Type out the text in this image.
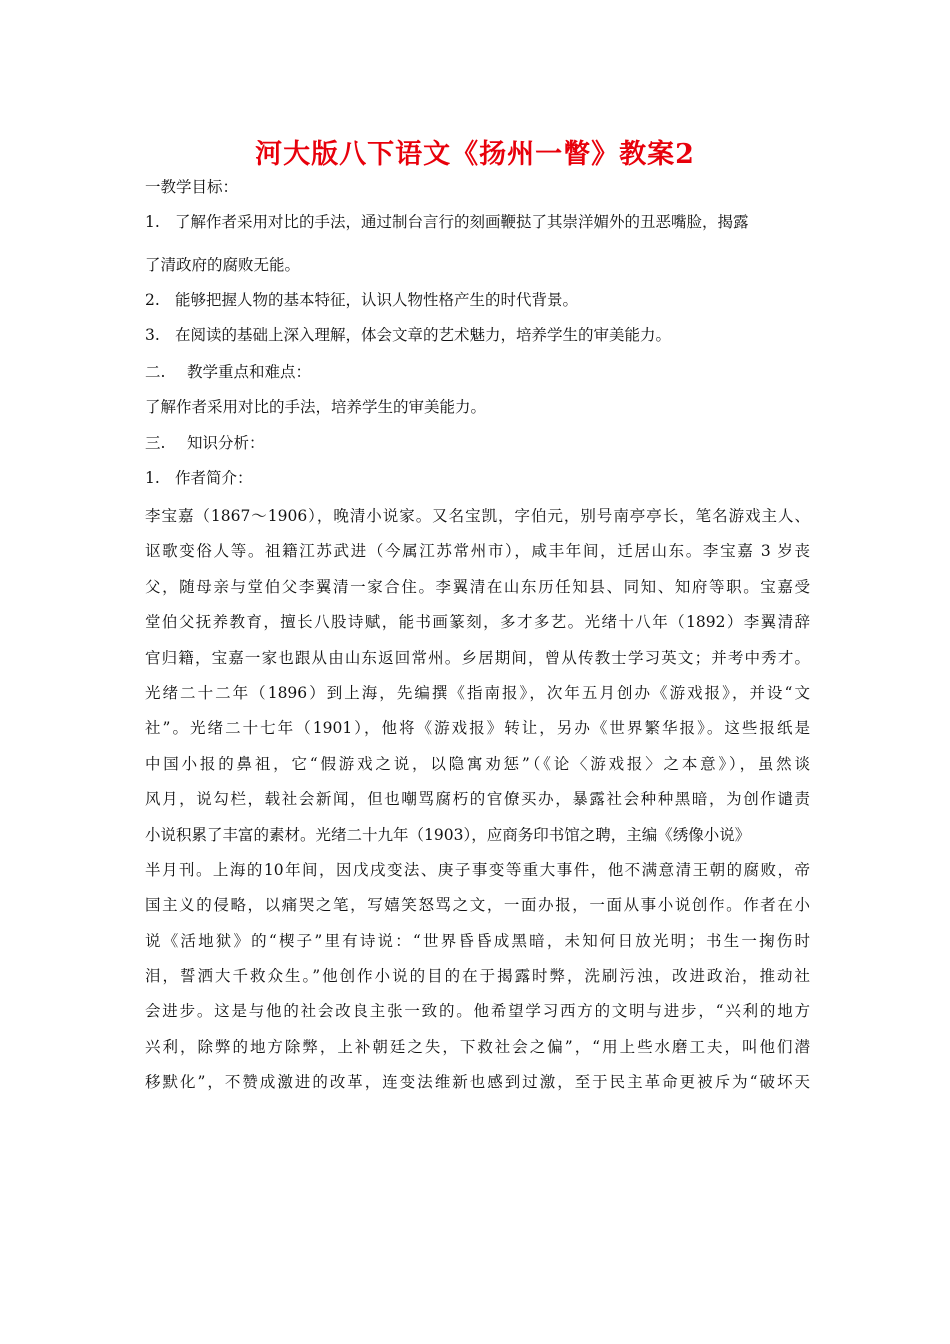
河大版八下语文《扬州一瞥》教案2
一教学目标：
1. 了解作者采用对比的手法，通过制台言行的刻画鞭挞了其崇洋媚外的丑恶嘴脸，揭露
了清政府的腐败无能。
2. 能够把握人物的基本特征，认识人物性格产生的时代背景。
3. 在阅读的基础上深入理解，体会文章的艺术魅力，培养学生的审美能力。
二. 教学重点和难点：
了解作者采用对比的手法，培养学生的审美能力。
三. 知识分析：
1. 作者简介：
李宝嘉（1867～1906），晚清小说家。又名宝凯，字伯元，别号南亭亭长，笔名游戏主人、
讴歌变俗人等。祖籍江苏武进（今属江苏常州市），咸丰年间，迁居山东。李宝嘉 3 岁丧
父，随母亲与堂伯父李翼清一家合住。李翼清在山东历任知县、同知、知府等职。宝嘉受
堂伯父抚养教育，擅长八股诗赋，能书画篆刻，多才多艺。光绪十八年（1892）李翼清辞
官归籍，宝嘉一家也跟从由山东返回常州。乡居期间，曾从传教士学习英文；并考中秀才。
光绪二十二年（1896）到上海，先编撰《指南报》，次年五月创办《游戏报》，并设“文
社”。光绪二十七年（1901），他将《游戏报》转让，另办《世界繁华报》。这些报纸是
中国小报的鼻祖，它“假游戏之说，以隐寓劝惩”（《论〈游戏报〉之本意》），虽然谈
风月，说勾栏，载社会新闻，但也嘲骂腐朽的官僚买办，暴露社会种种黑暗，为创作谴责
小说积累了丰富的素材。光绪二十九年（1903），应商务印书馆之聘，主编《绣像小说》
半月刊。上海的10年间，因戊戌变法、庚子事变等重大事件，他不满意清王朝的腐败，帝
国主义的侵略，以痛哭之笔，写嬉笑怒骂之文，一面办报，一面从事小说创作。作者在小
说《活地狱》的“楔子”里有诗说：“世界昏昏成黑暗，未知何日放光明；书生一掬伤时
泪，誓洒大千救众生。”他创作小说的目的在于揭露时弊，洗刷污浊，改进政治，推动社
会进步。这是与他的社会改良主张一致的。他希望学习西方的文明与进步，“兴利的地方
兴利，除弊的地方除弊，上补朝廷之失，下救社会之偏”，“用上些水磨工夫，叫他们潜
移默化”，不赞成激进的改革，连变法维新也感到过激，至于民主革命更被斥为“破坏天
